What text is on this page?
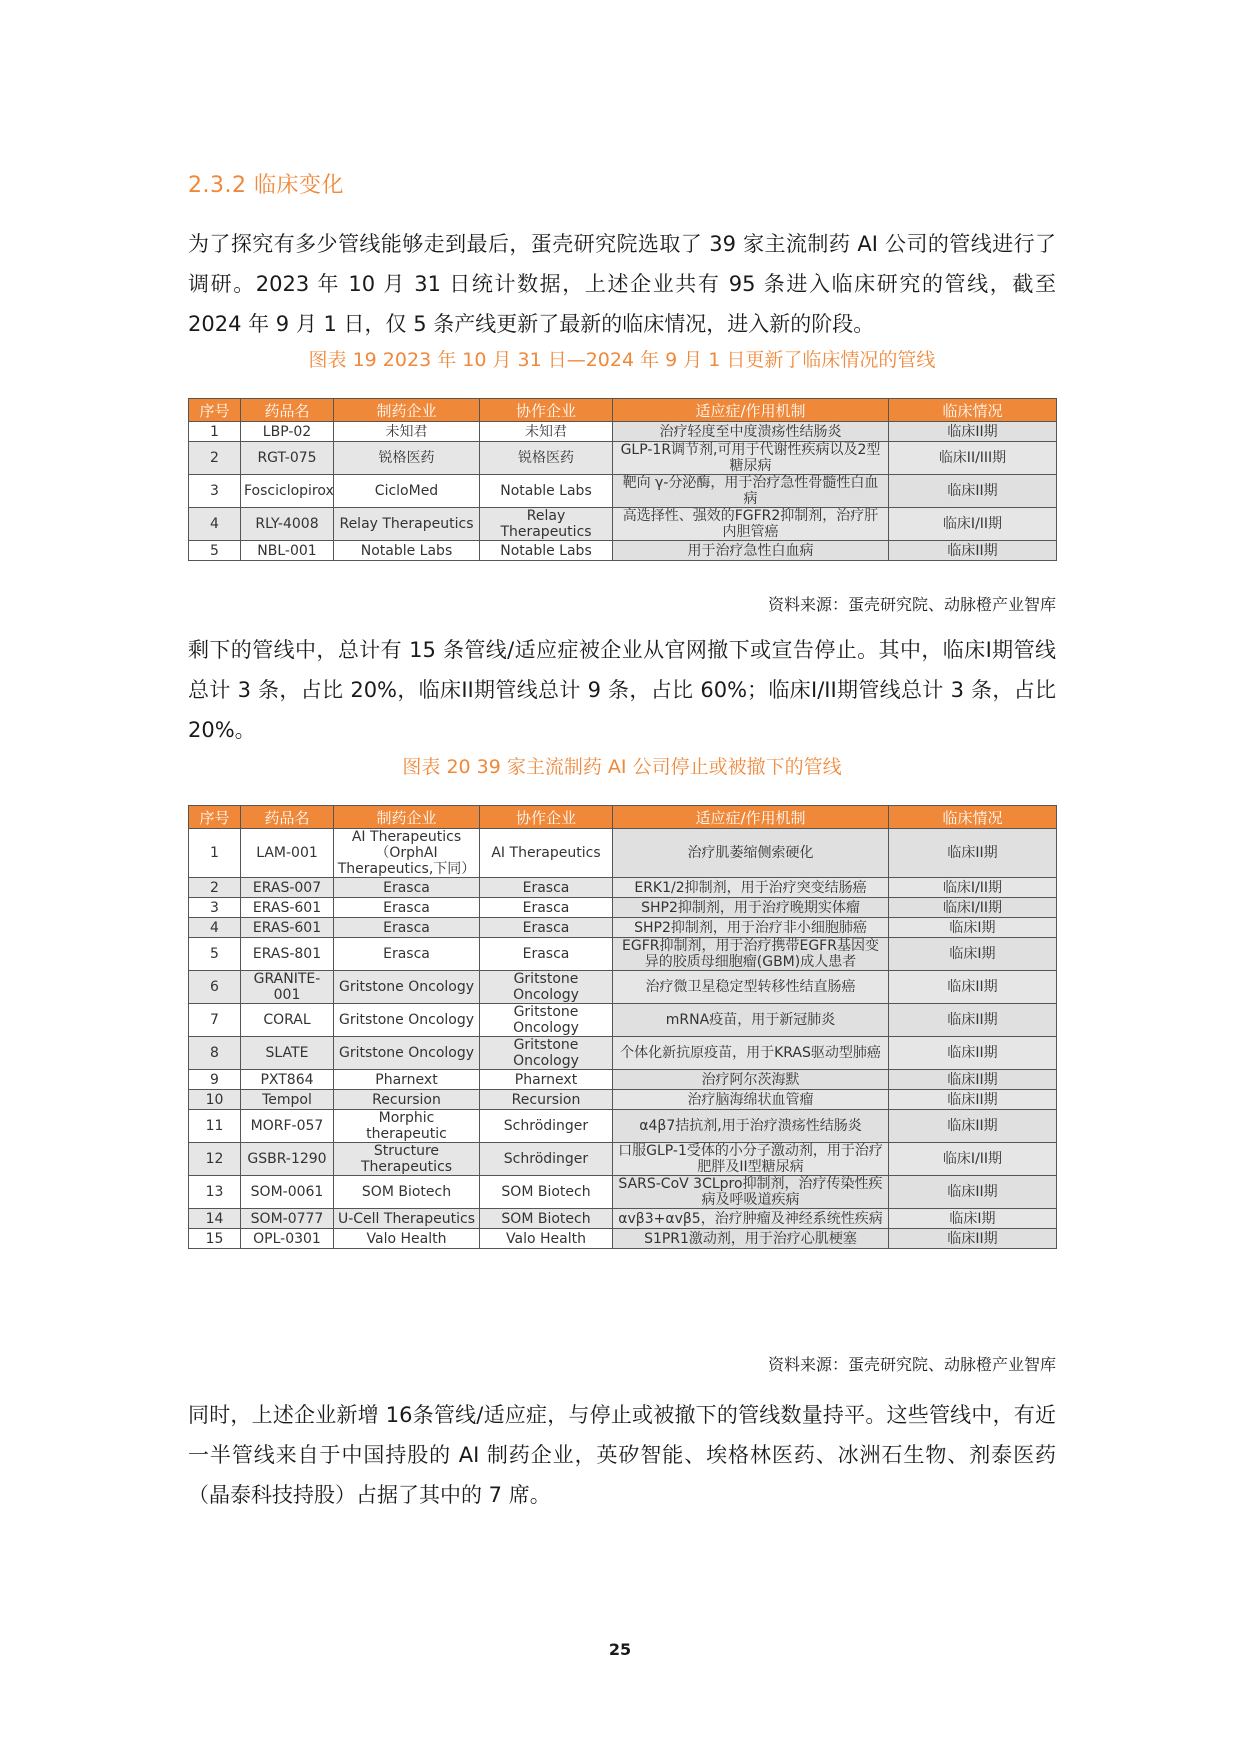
2.3.2 临床变化

为了探究有多少管线能够走到最后，蛋壳研究院选取了 39 家主流制药 AI 公司的管线进行了调研。2023 年 10 月 31 日统计数据，上述企业共有 95 条进入临床研究的管线，截至 2024 年 9 月 1 日，仅 5 条产线更新了最新的临床情况，进入新的阶段。

图表 19 2023 年 10 月 31 日—2024 年 9 月 1 日更新了临床情况的管线

序号	药品名	制药企业	协作企业	适应症/作用机制	临床情况
1	LBP-02	未知君	未知君	治疗轻度至中度溃疡性结肠炎	临床II期
2	RGT-075	锐格医药	锐格医药	GLP-1R调节剂,可用于代谢性疾病以及2型糖尿病	临床II/III期
3	Fosciclopirox	CicloMed	Notable Labs	靶向 γ-分泌酶，用于治疗急性骨髓性白血病	临床II期
4	RLY-4008	Relay Therapeutics	Relay Therapeutics	高选择性、强效的FGFR2抑制剂，治疗肝内胆管癌	临床I/II期
5	NBL-001	Notable Labs	Notable Labs	用于治疗急性白血病	临床II期

资料来源：蛋壳研究院、动脉橙产业智库

剩下的管线中，总计有 15 条管线/适应症被企业从官网撤下或宣告停止。其中，临床I期管线总计 3 条，占比 20%，临床II期管线总计 9 条，占比 60%；临床I/II期管线总计 3 条，占比 20%。

图表 20 39 家主流制药 AI 公司停止或被撤下的管线

序号	药品名	制药企业	协作企业	适应症/作用机制	临床情况
1	LAM-001	AI Therapeutics（OrphAI Therapeutics,下同）	AI Therapeutics	治疗肌萎缩侧索硬化	临床II期
2	ERAS-007	Erasca	Erasca	ERK1/2抑制剂，用于治疗突变结肠癌	临床I/II期
3	ERAS-601	Erasca	Erasca	SHP2抑制剂，用于治疗晚期实体瘤	临床I/II期
4	ERAS-601	Erasca	Erasca	SHP2抑制剂，用于治疗非小细胞肺癌	临床I期
5	ERAS-801	Erasca	Erasca	EGFR抑制剂，用于治疗携带EGFR基因变异的胶质母细胞瘤(GBM)成人患者	临床I期
6	GRANITE-001	Gritstone Oncology	Gritstone Oncology	治疗微卫星稳定型转移性结直肠癌	临床II期
7	CORAL	Gritstone Oncology	Gritstone Oncology	mRNA疫苗，用于新冠肺炎	临床II期
8	SLATE	Gritstone Oncology	Gritstone Oncology	个体化新抗原疫苗，用于KRAS驱动型肺癌	临床II期
9	PXT864	Pharnext	Pharnext	治疗阿尔茨海默	临床II期
10	Tempol	Recursion	Recursion	治疗脑海绵状血管瘤	临床II期
11	MORF-057	Morphic therapeutic	Schrödinger	α4β7拮抗剂,用于治疗溃疡性结肠炎	临床II期
12	GSBR-1290	Structure Therapeutics	Schrödinger	口服GLP-1受体的小分子激动剂，用于治疗肥胖及II型糖尿病	临床I/II期
13	SOM-0061	SOM Biotech	SOM Biotech	SARS-CoV 3CLpro抑制剂，治疗传染性疾病及呼吸道疾病	临床II期
14	SOM-0777	U-Cell Therapeutics	SOM Biotech	αvβ3+αvβ5，治疗肿瘤及神经系统性疾病	临床I期
15	OPL-0301	Valo Health	Valo Health	S1PR1激动剂，用于治疗心肌梗塞	临床II期

资料来源：蛋壳研究院、动脉橙产业智库

同时，上述企业新增 16条管线/适应症，与停止或被撤下的管线数量持平。这些管线中，有近一半管线来自于中国持股的 AI 制药企业，英矽智能、埃格林医药、冰洲石生物、剂泰医药（晶泰科技持股）占据了其中的 7 席。

25
